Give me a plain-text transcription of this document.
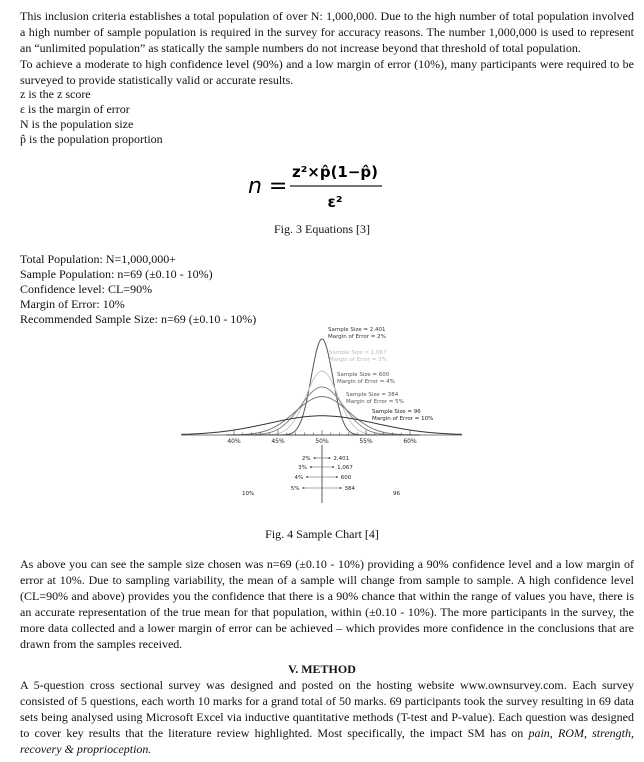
This inclusion criteria establishes a total population of over N: 1,000,000. Due to the high number of total population involved a high number of sample population is required in the survey for accuracy reasons. The number 1,000,000 is used to represent an “unlimited population” as statically the sample numbers do not increase beyond that threshold of total population.
To achieve a moderate to high confidence level (90%) and a low margin of error (10%), many participants were required to be surveyed to provide statistically valid or accurate results.
z is the z score
ε is the margin of error
N is the population size
p̂ is the population proportion
n =
z²×p̂(1−p̂)
ε²
Fig. 3 Equations [3]
Total Population: N=1,000,000+
Sample Population: n=69 (±0.10 - 10%)
Confidence level: CL=90%
Margin of Error: 10%
Recommended Sample Size: n=69 (±0.10 - 10%)
40%	45%	50%	55%	60%
Sample Size = 2,401
Margin of Error = 2%
Sample Size = 1,067
Margin of Error = 3%
Sample Size = 600
Margin of Error = 4%
Sample Size = 384
Margin of Error = 5%
Sample Size = 96
Margin of Error = 10%
2%	2,401
3%	1,067
4%	600
5%	384
10%	96
Fig. 4 Sample Chart [4]
As above you can see the sample size chosen was n=69 (±0.10 - 10%) providing a 90% confidence level and a low margin of error at 10%. Due to sampling variability, the mean of a sample will change from sample to sample. A high confidence level (CL=90% and above) provides you the confidence that there is a 90% chance that within the range of values you have, there is an accurate representation of the true mean for that population, within (±0.10 - 10%). The more participants in the survey, the more data collected and a lower margin of error can be achieved – which provides more confidence in the conclusions that are drawn from the samples received.
V. METHOD
A 5-question cross sectional survey was designed and posted on the hosting website www.ownsurvey.com. Each survey consisted of 5 questions, each worth 10 marks for a grand total of 50 marks. 69 participants took the survey resulting in 69 data sets being analysed using Microsoft Excel via inductive quantitative methods (T-test and P-value). Each question was designed to cover key results that the literature review highlighted. Most specifically, the impact SM has on pain, ROM, strength, recovery & proprioception.
